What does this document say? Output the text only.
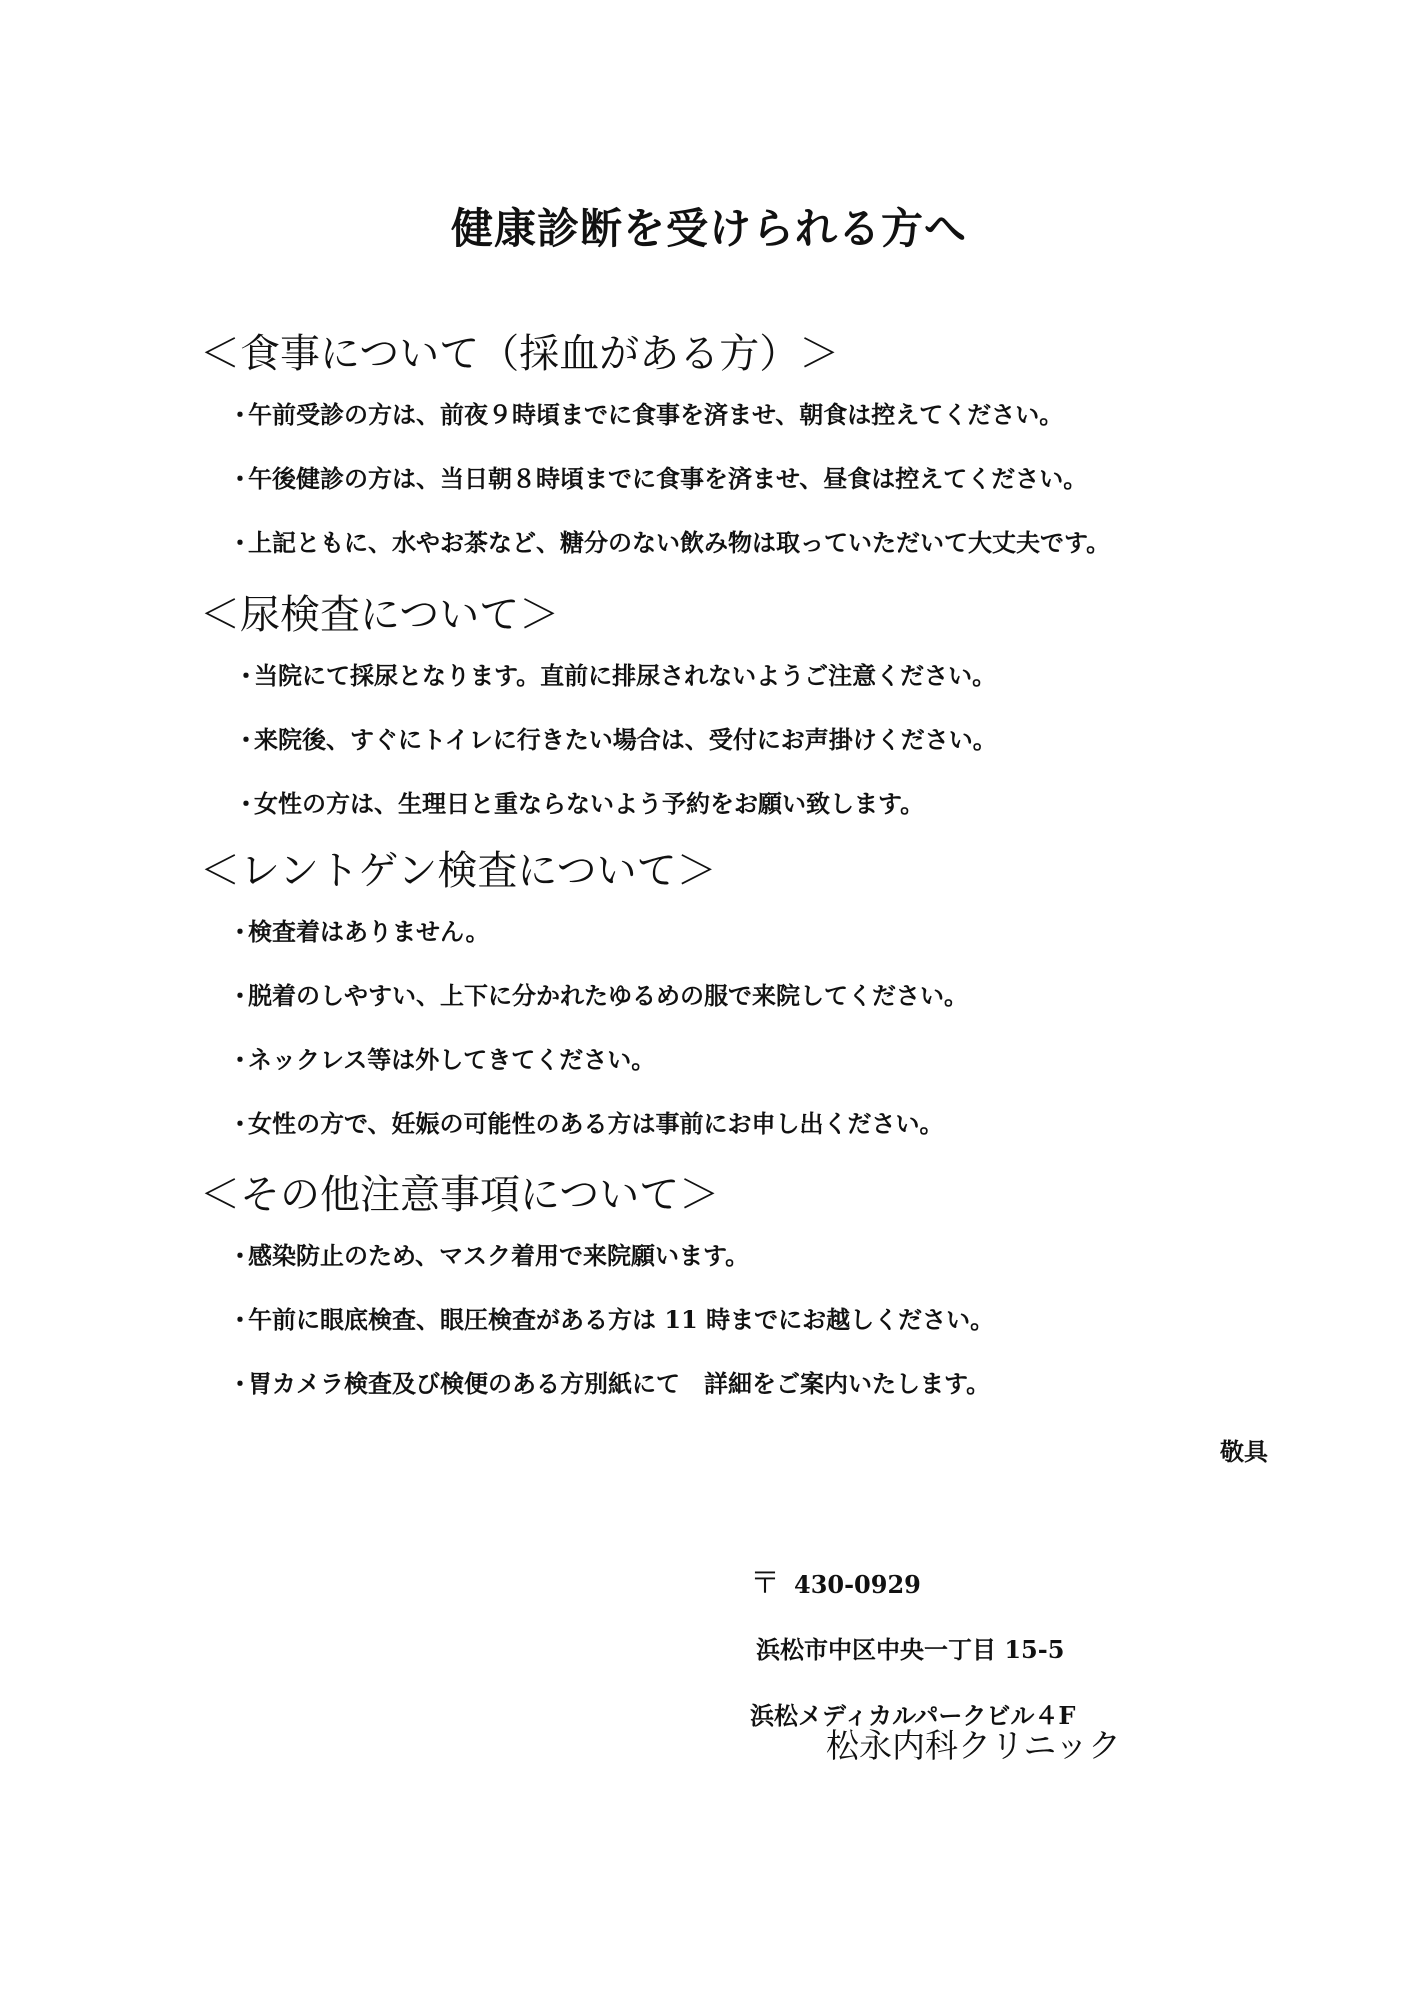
健康診断を受けられる方へ
＜食事について（採血がある方）＞
・午前受診の方は、前夜９時頃までに食事を済ませ、朝食は控えてください。
・午後健診の方は、当日朝８時頃までに食事を済ませ、昼食は控えてください。
・上記ともに、水やお茶など、糖分のない飲み物は取っていただいて大丈夫です。
＜尿検査について＞
・当院にて採尿となります。直前に排尿されないようご注意ください。
・来院後、すぐにトイレに行きたい場合は、受付にお声掛けください。
・女性の方は、生理日と重ならないよう予約をお願い致します。
＜レントゲン検査について＞
・検査着はありません。
・脱着のしやすい、上下に分かれたゆるめの服で来院してください。
・ネックレス等は外してきてください。
・女性の方で、妊娠の可能性のある方は事前にお申し出ください。
＜その他注意事項について＞
・感染防止のため、マスク着用で来院願います。
・午前に眼底検査、眼圧検査がある方は 11 時までにお越しください。
・胃カメラ検査及び検便のある方別紙にて　詳細をご案内いたします。

敬具

〒 430-0929

浜松市中区中央一丁目 15-5

浜松メディカルパークビル４F

松永内科クリニック
